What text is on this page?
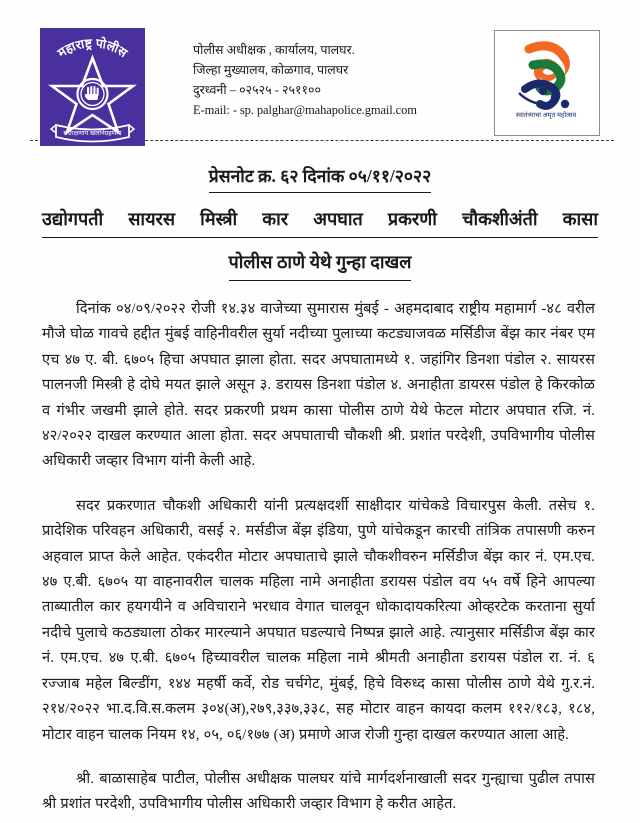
महाराष्ट्र पोलीस
सदरक्षणाय खलनिग्रहणाय
पोलीस अधीक्षक , कार्यालय, पालघर.
जिल्हा मुख्यालय, कोळगाव, पालघर
दुरध्वनी – ०२५२५ - २५११००
E-mail: - sp. palghar@mahapolice.gmail.com	स्वातंत्र्याचा अमृत महोत्सव
प्रेसनोट क्र. ६२ दिनांक ०५/११/२०२२
उद्योगपती सायरस मिस्त्री कार अपघात प्रकरणी चौकशीअंती कासा
पोलीस ठाणे येथे गुन्हा दाखल

दिनांक ०४/०९/२०२२ रोजी १४.३४ वाजेच्या सुमारास मुंबई - अहमदाबाद राष्ट्रीय महामार्ग -४८ वरील मौजे घोळ गावचे हद्दीत मुंबई वाहिनीवरील सुर्या नदीच्या पुलाच्या कटड्याजवळ मर्सिडीज बेंझ कार नंबर एम एच ४७ ए. बी. ६७०५ हिचा अपघात झाला होता. सदर अपघातामध्ये १. जहांगिर डिनशा पंडोल २. सायरस पालनजी मिस्त्री हे दोघे मयत झाले असून ३. डरायस डिनशा पंडोल ४. अनाहीता डायरस पंडोल हे किरकोळ व गंभीर जखमी झाले होते. सदर प्रकरणी प्रथम कासा पोलीस ठाणे येथे फेटल मोटार अपघात रजि. नं. ४२/२०२२ दाखल करण्यात आला होता. सदर अपघाताची चौकशी श्री. प्रशांत परदेशी, उपविभागीय पोलीस अधिकारी जव्हार विभाग यांनी केली आहे.

सदर प्रकरणात चौकशी अधिकारी यांनी प्रत्यक्षदर्शी साक्षीदार यांचेकडे विचारपुस केली. तसेच १. प्रादेशिक परिवहन अधिकारी, वसई २. मर्सडीज बेंझ इंडिया, पुणे यांचेकडून कारची तांत्रिक तपासणी करुन अहवाल प्राप्त केले आहेत. एकंदरीत मोटार अपघाताचे झाले चौकशीवरुन मर्सिडीज बेंझ कार नं. एम.एच. ४७ ए.बी. ६७०५ या वाहनावरील चालक महिला नामे अनाहीता डरायस पंडोल वय ५५ वर्षे हिने आपल्या ताब्यातील कार हयगयीने व अविचाराने भरधाव वेगात चालवून धोकादायकरित्या ओव्हरटेक करताना सुर्या नदीचे पुलाचे कठड्याला ठोकर मारल्याने अपघात घडल्याचे निष्पन्न झाले आहे. त्यानुसार मर्सिडीज बेंझ कार नं. एम.एच. ४७ ए.बी. ६७०५ हिच्यावरील चालक महिला नामे श्रीमती अनाहीता डरायस पंडोल रा. नं. ६ रज्जाब महेल बिल्डींग, १४४ महर्षी कर्वे, रोड चर्चगेट, मुंबई, हिचे विरुध्द कासा पोलीस ठाणे येथे गु.र.नं. २१४/२०२२ भा.द.वि.स.कलम ३०४(अ),२७९,३३७,३३८, सह मोटार वाहन कायदा कलम ११२/१८३, १८४, मोटार वाहन चालक नियम १४, ०५, ०६/१७७ (अ) प्रमाणे आज रोजी गुन्हा दाखल करण्यात आला आहे.

श्री. बाळासाहेब पाटील, पोलीस अधीक्षक पालघर यांचे मार्गदर्शनाखाली सदर गुन्ह्याचा पुढील तपास श्री प्रशांत परदेशी, उपविभागीय पोलीस अधिकारी जव्हार विभाग हे करीत आहेत.
